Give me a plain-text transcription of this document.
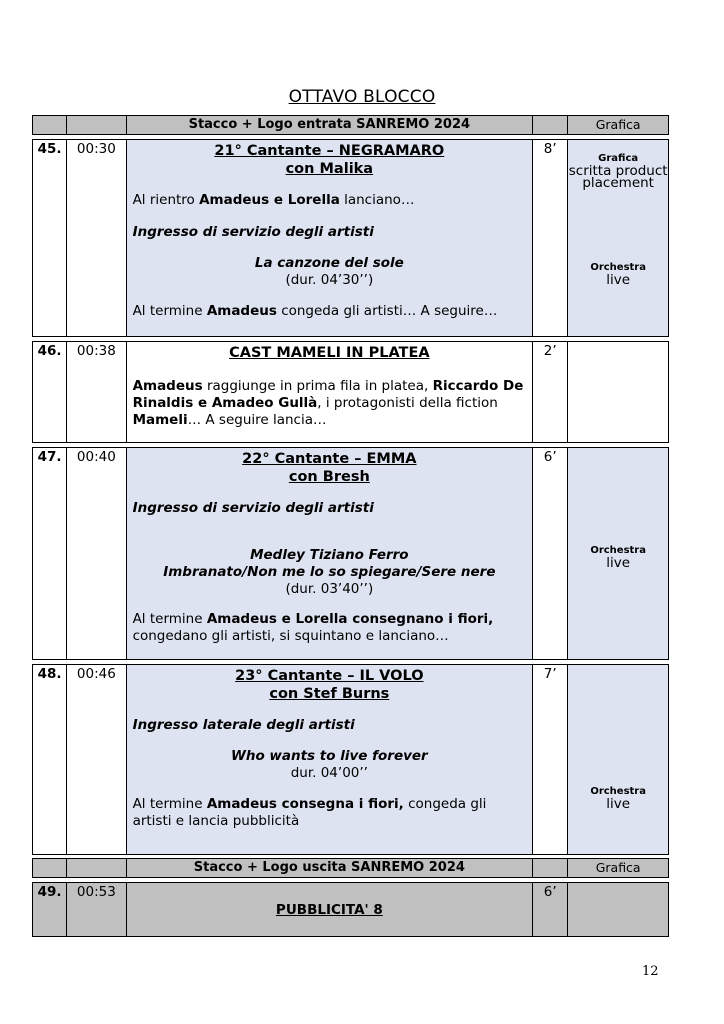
OTTAVO BLOCCO
		Stacco + Logo entrata SANREMO 2024		Grafica
45.	00:30	21° Cantante – NEGRAMARO
con Malika
Al rientro Amadeus e Lorella lanciano…
Ingresso di servizio degli artisti
La canzone del sole
(dur. 04’30’’)
Al termine Amadeus congeda gli artisti… A seguire…
	8’	
Grafica
scritta product
placement
Orchestra
live
46.	00:38	CAST MAMELI IN PLATEA
Amadeus raggiunge in prima fila in platea, Riccardo De Rinaldis e Amadeo Gullà, i protagonisti della fiction Mameli… A seguire lancia…
	2’	
47.	00:40	22° Cantante – EMMA
con Bresh
Ingresso di servizio degli artisti
Medley Tiziano Ferro
Imbranato/Non me lo so spiegare/Sere nere
(dur. 03’40’’)
Al termine Amadeus e Lorella consegnano i fiori, congedano gli artisti, si squintano e lanciano…
	6’	
Orchestra
live
48.	00:46	23° Cantante – IL VOLO
con Stef Burns
Ingresso laterale degli artisti
Who wants to live forever
dur. 04’00’’
Al termine Amadeus consegna i fiori, congeda gli artisti e lancia pubblicità
	7’	
Orchestra
live
		Stacco + Logo uscita SANREMO 2024		Grafica
49.	00:53	PUBBLICITA' 8	6’	
12
